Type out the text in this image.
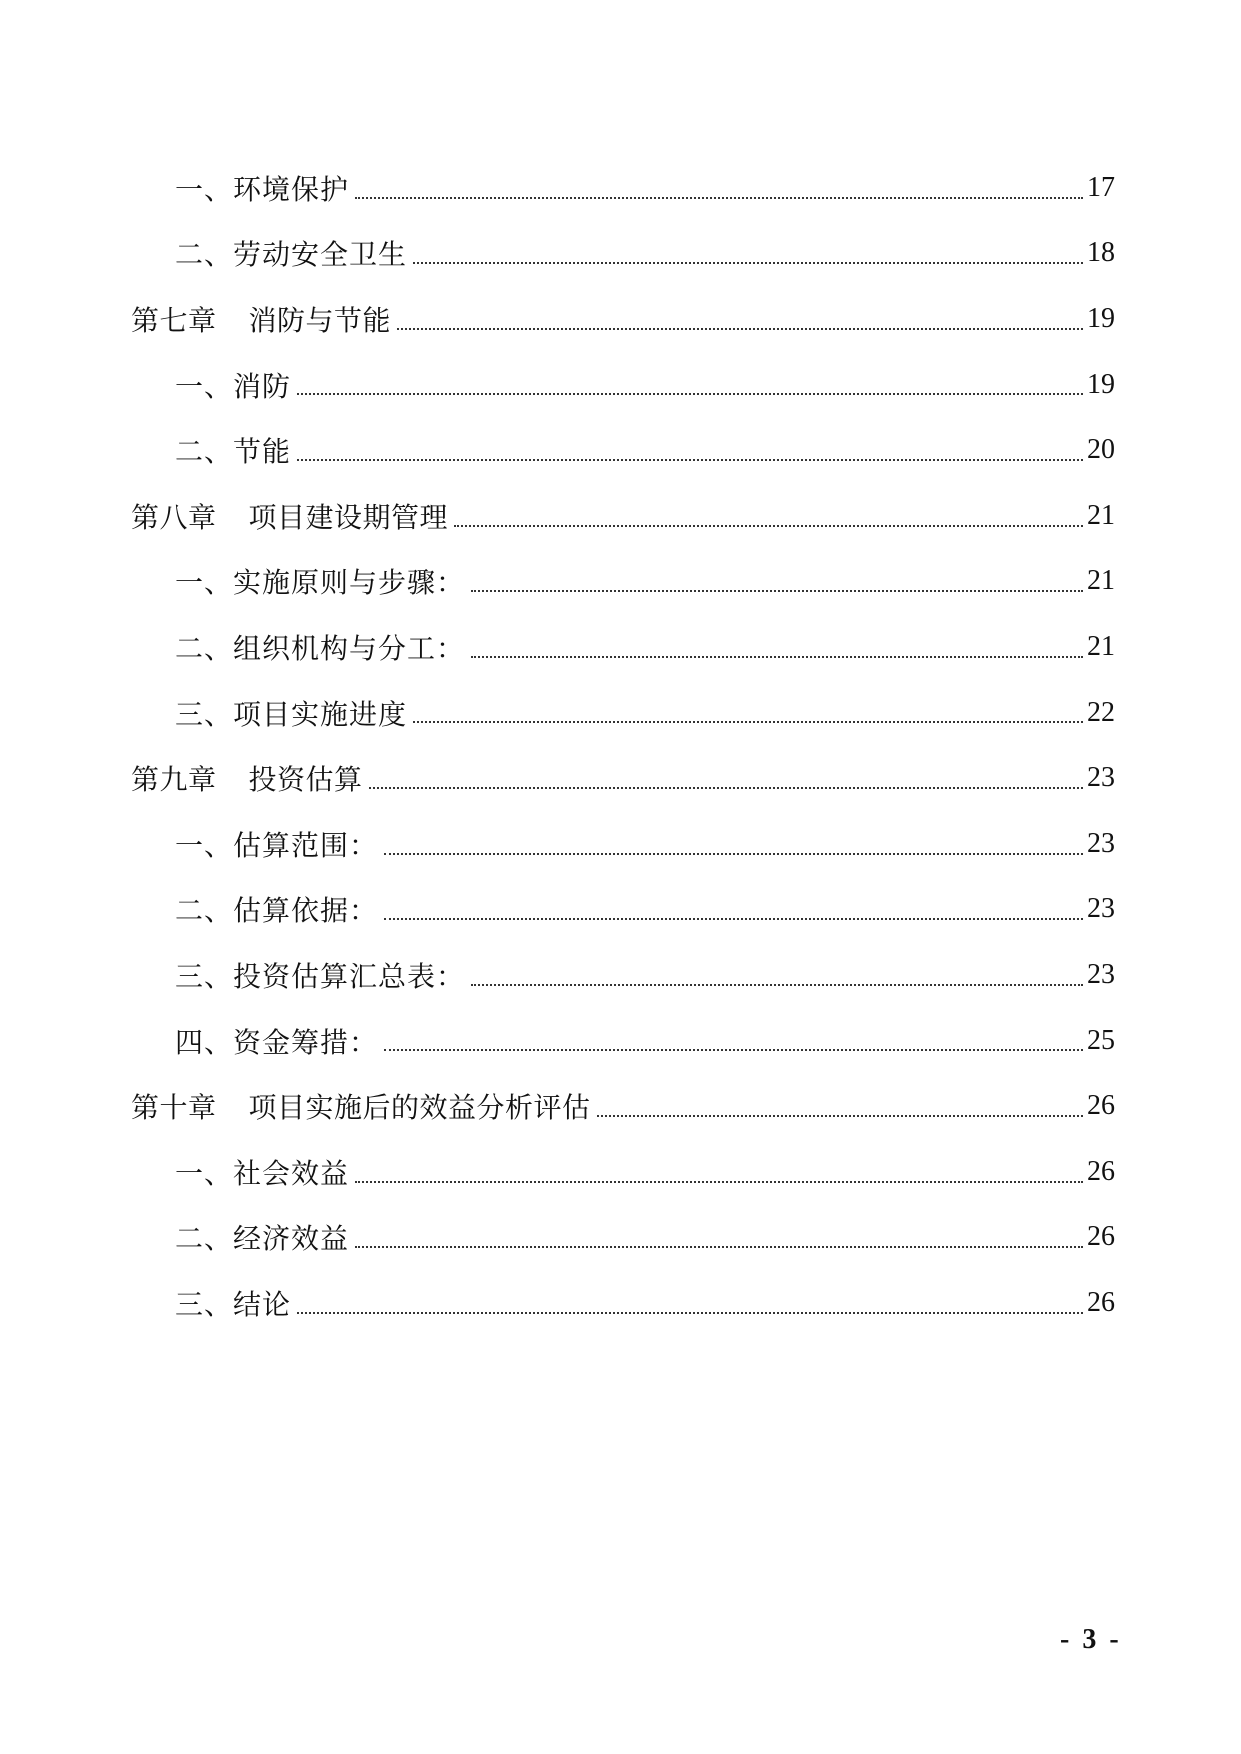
一、环境保护	17
二、劳动安全卫生	18
第七章 消防与节能	19
一、消防	19
二、节能	20
第八章 项目建设期管理	21
一、实施原则与步骤：	21
二、组织机构与分工：	21
三、项目实施进度	22
第九章 投资估算	23
一、估算范围：	23
二、估算依据：	23
三、投资估算汇总表：	23
四、资金筹措：	25
第十章 项目实施后的效益分析评估	26
一、社会效益	26
二、经济效益	26
三、结论	26
- 3 -
